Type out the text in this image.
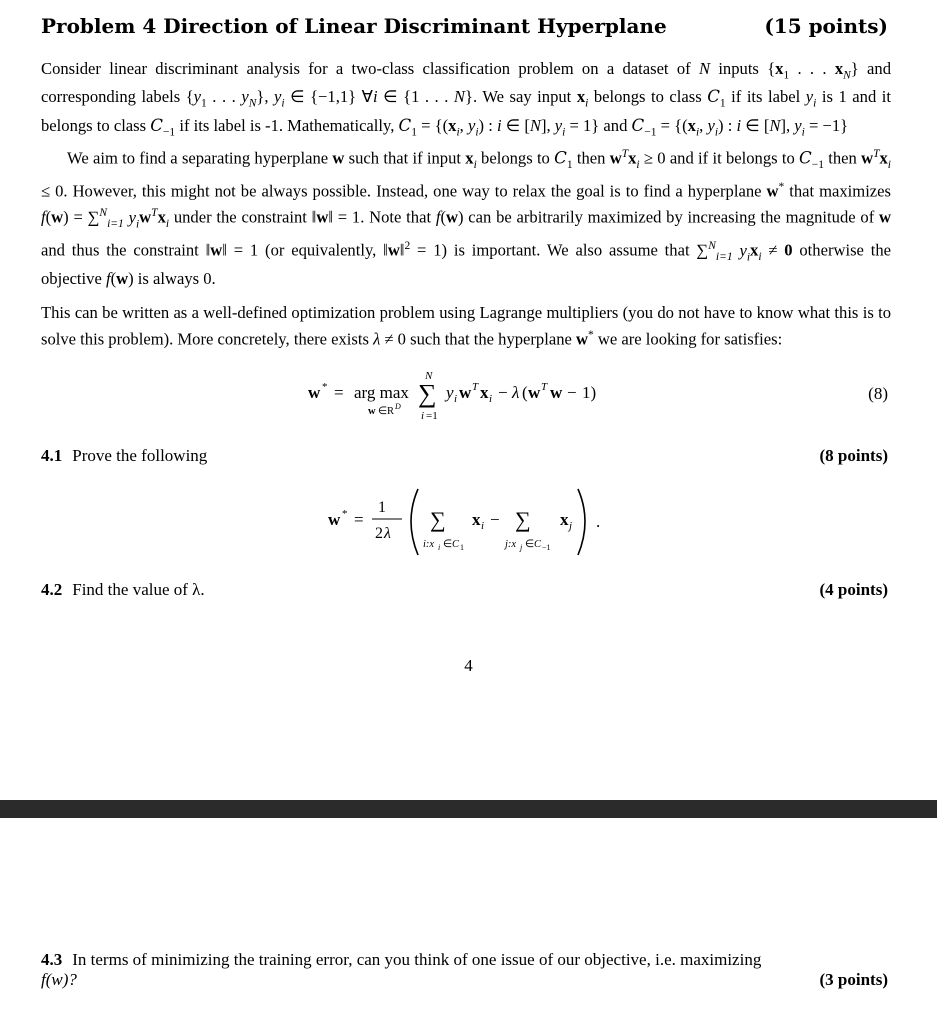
Problem 4 Direction of Linear Discriminant Hyperplane	(15 points)

Consider linear discriminant analysis for a two-class classification problem on a dataset of N inputs {$x_1$ . . . $x_N$} and corresponding labels {$y_1$ . . . $y_N$}, $y_i$ ∈ {−1,1} ∀i ∈ {1 . . . N}. We say input $x_i$ belongs to class $C_1$ if its label $y_i$ is 1 and it belongs to class $C_{-1}$ if its label is -1. Mathematically, $C_1 = \{(x_i$, $y_i$) : i ∈ [N], $y_i = 1$} and $C_{-1} = \{(x_i$, $y_i$) : i ∈ [N], $y_i = -1$}

We aim to find a separating hyperplane w such that if input $x_i$ belongs to $C_1$ then $w^Tx_i \ge 0$ and if it belongs to $C_{-1}$ then $w^Tx_i \le 0$. However, this might not be always possible. Instead, one way to relax the goal is to find a hyperplane w* that maximizes f(w) = ∑$^N_{i=1}$ $y_iw^Tx_i$ under the constraint ‖w‖ = 1. Note that f(w) can be arbitrarily maximized by increasing the magnitude of w and thus the constraint ‖w‖ = 1 (or equivalently, ‖w‖$^2$ = 1) is important. We also assume that ∑$^N_{i=1}$ $y_ix_i \ne 0$ otherwise the objective f(w) is always 0.

This can be written as a well-defined optimization problem using Lagrange multipliers (you do not have to know what this is to solve this problem). More concretely, there exists λ ≠ 0 such that the hyperplane w* we are looking for satisfies:

w * = arg max
w ∈ R D
N
∑
i =1
y i w T x i − λ ( w T w − 1)	(8)
4.1 Prove the following	(8 points)
w * =
1
2 λ
∑
i:x i ∈ C 1
x i − ∑
j:x j ∈ C −1
x j .
4.2 Find the value of λ.	(4 points)
4
4.3 In terms of minimizing the training error, can you think of one issue of our objective, i.e. maximizing
f(w)?	(3 points)
